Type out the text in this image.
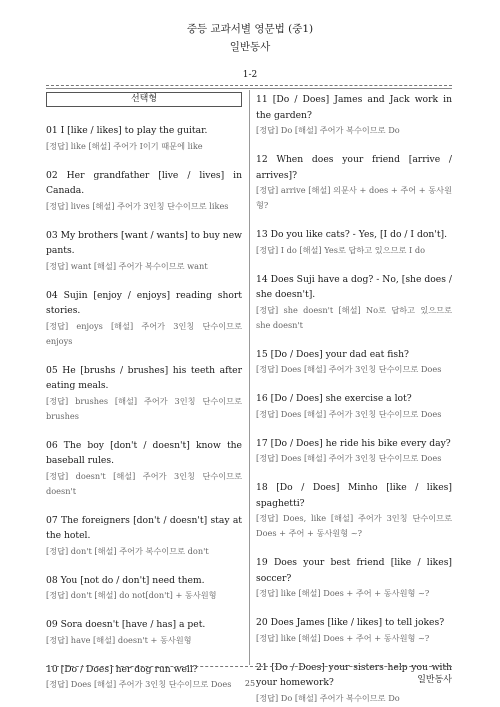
중등 교과서별 영문법 (중1)
일반동사
1-2
선택형
01 I [like / likes] to play the guitar.
[정답] like [해설] 주어가 I이기 때문에 like
02 Her grandfather [live / lives] in Canada.
[정답] lives [해설] 주어가 3인칭 단수이므로 likes
03 My brothers [want / wants] to buy new pants.
[정답] want [해설] 주어가 복수이므로 want
04 Sujin [enjoy / enjoys] reading short stories.
[정답] enjoys [해설] 주어가 3인칭 단수이므로 enjoys
05 He [brushs / brushes] his teeth after eating meals.
[정답] brushes [해설] 주어가 3인칭 단수이므로 brushes
06 The boy [don't / doesn't] know the baseball rules.
[정답] doesn't [해설] 주어가 3인칭 단수이므로 doesn't
07 The foreigners [don't / doesn't] stay at the hotel.
[정답] don't [해설] 주어가 복수이므로 don't
08 You [not do / don't] need them.
[정답] don't [해설] do not[don't] + 동사원형
09 Sora doesn't [have / has] a pet.
[정답] have [해설] doesn't + 동사원형
10 [Do / Does] her dog run well?
[정답] Does [해설] 주어가 3인칭 단수이므로 Does
11 [Do / Does] James and Jack work in the garden?
[정답] Do [해설] 주어가 복수이므로 Do
12 When does your friend [arrive / arrives]?
[정답] arrive [해설] 의문사 + does + 주어 + 동사원형?
13 Do you like cats? - Yes, [I do / I don't].
[정답] I do [해설] Yes로 답하고 있으므로 I do
14 Does Suji have a dog? - No, [she does / she doesn't].
[정답] she doesn't [해설] No로 답하고 있으므로 she doesn't
15 [Do / Does] your dad eat fish?
[정답] Does [해설] 주어가 3인칭 단수이므로 Does
16 [Do / Does] she exercise a lot?
[정답] Does [해설] 주어가 3인칭 단수이므로 Does
17 [Do / Does] he ride his bike every day?
[정답] Does [해설] 주어가 3인칭 단수이므로 Does
18 [Do / Does] Minho [like / likes] spaghetti?
[정답] Does, like [해설] 주어가 3인칭 단수이므로 Does + 주어 + 동사원형 ~?
19 Does your best friend [like / likes] soccer?
[정답] like [해설] Does + 주어 + 동사원형 ~?
20 Does James [like / likes] to tell jokes?
[정답] like [해설] Does + 주어 + 동사원형 ~?
21 [Do / Does] your sisters help you with your homework?
[정답] Do [해설] 주어가 복수이므로 Do
일반동사
25
